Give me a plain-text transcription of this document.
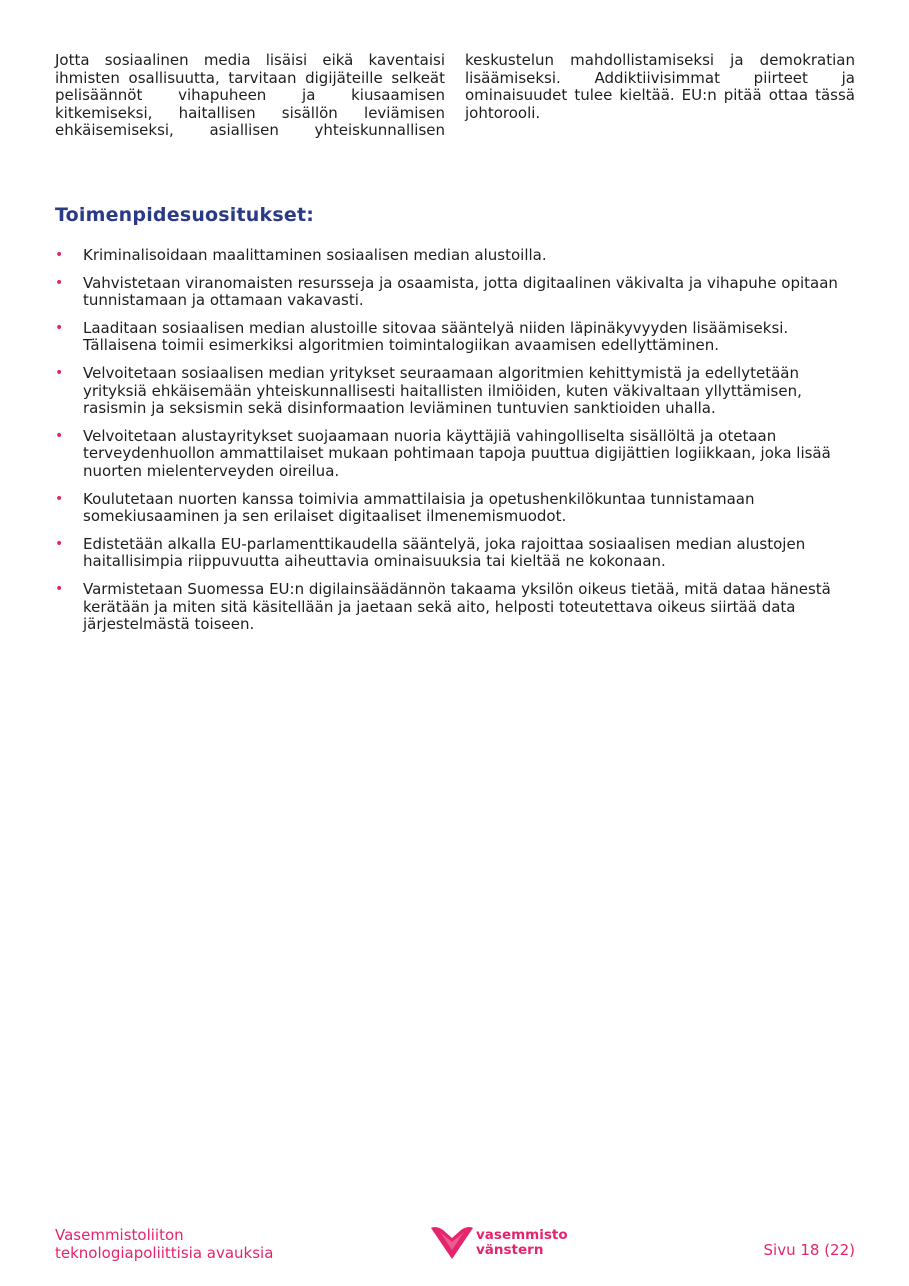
Jotta sosiaalinen media lisäisi eikä kaventaisi ihmisten osallisuutta, tarvitaan digijäteille selkeät pelisäännöt vihapuheen ja kiusaamisen kitkemiseksi, haitallisen sisällön leviämisen ehkäisemiseksi, asiallisen yhteiskunnallisen keskustelun mahdollistamiseksi ja demokratian lisäämiseksi. Addiktiivisimmat piirteet ja ominaisuudet tulee kieltää. EU:n pitää ottaa tässä johtorooli.

Toimenpidesuositukset:
• Kriminalisoidaan maalittaminen sosiaalisen median alustoilla.
• Vahvistetaan viranomaisten resursseja ja osaamista, jotta digitaalinen väkivalta ja vihapuhe opitaan tunnistamaan ja ottamaan vakavasti.
• Laaditaan sosiaalisen median alustoille sitovaa sääntelyä niiden läpinäkyvyyden lisäämiseksi. Tällaisena toimii esimerkiksi algoritmien toimintalogiikan avaamisen edellyttäminen.
• Velvoitetaan sosiaalisen median yritykset seuraamaan algoritmien kehittymistä ja edellytetään yrityksiä ehkäisemään yhteiskunnallisesti haitallisten ilmiöiden, kuten väkivaltaan yllyttämisen, rasismin ja seksismin sekä disinformaation leviäminen tuntuvien sanktioiden uhalla.
• Velvoitetaan alustayritykset suojaamaan nuoria käyttäjiä vahingolliselta sisällöltä ja otetaan terveydenhuollon ammattilaiset mukaan pohtimaan tapoja puuttua digijättien logiikkaan, joka lisää nuorten mielenterveyden oireilua.
• Koulutetaan nuorten kanssa toimivia ammattilaisia ja opetushenkilökuntaa tunnistamaan somekiusaaminen ja sen erilaiset digitaaliset ilmenemismuodot.
• Edistetään alkalla EU-parlamenttikaudella sääntelyä, joka rajoittaa sosiaalisen median alustojen haitallisimpia riippuvuutta aiheuttavia ominaisuuksia tai kieltää ne kokonaan.
• Varmistetaan Suomessa EU:n digilainsäädännön takaama yksilön oikeus tietää, mitä dataa hänestä kerätään ja miten sitä käsitellään ja jaetaan sekä aito, helposti toteutettava oikeus siirtää data järjestelmästä toiseen.
Vasemmistoliiton
teknologiapoliittisia avauksia
vasemmisto
vänstern	Sivu 18 (22)
